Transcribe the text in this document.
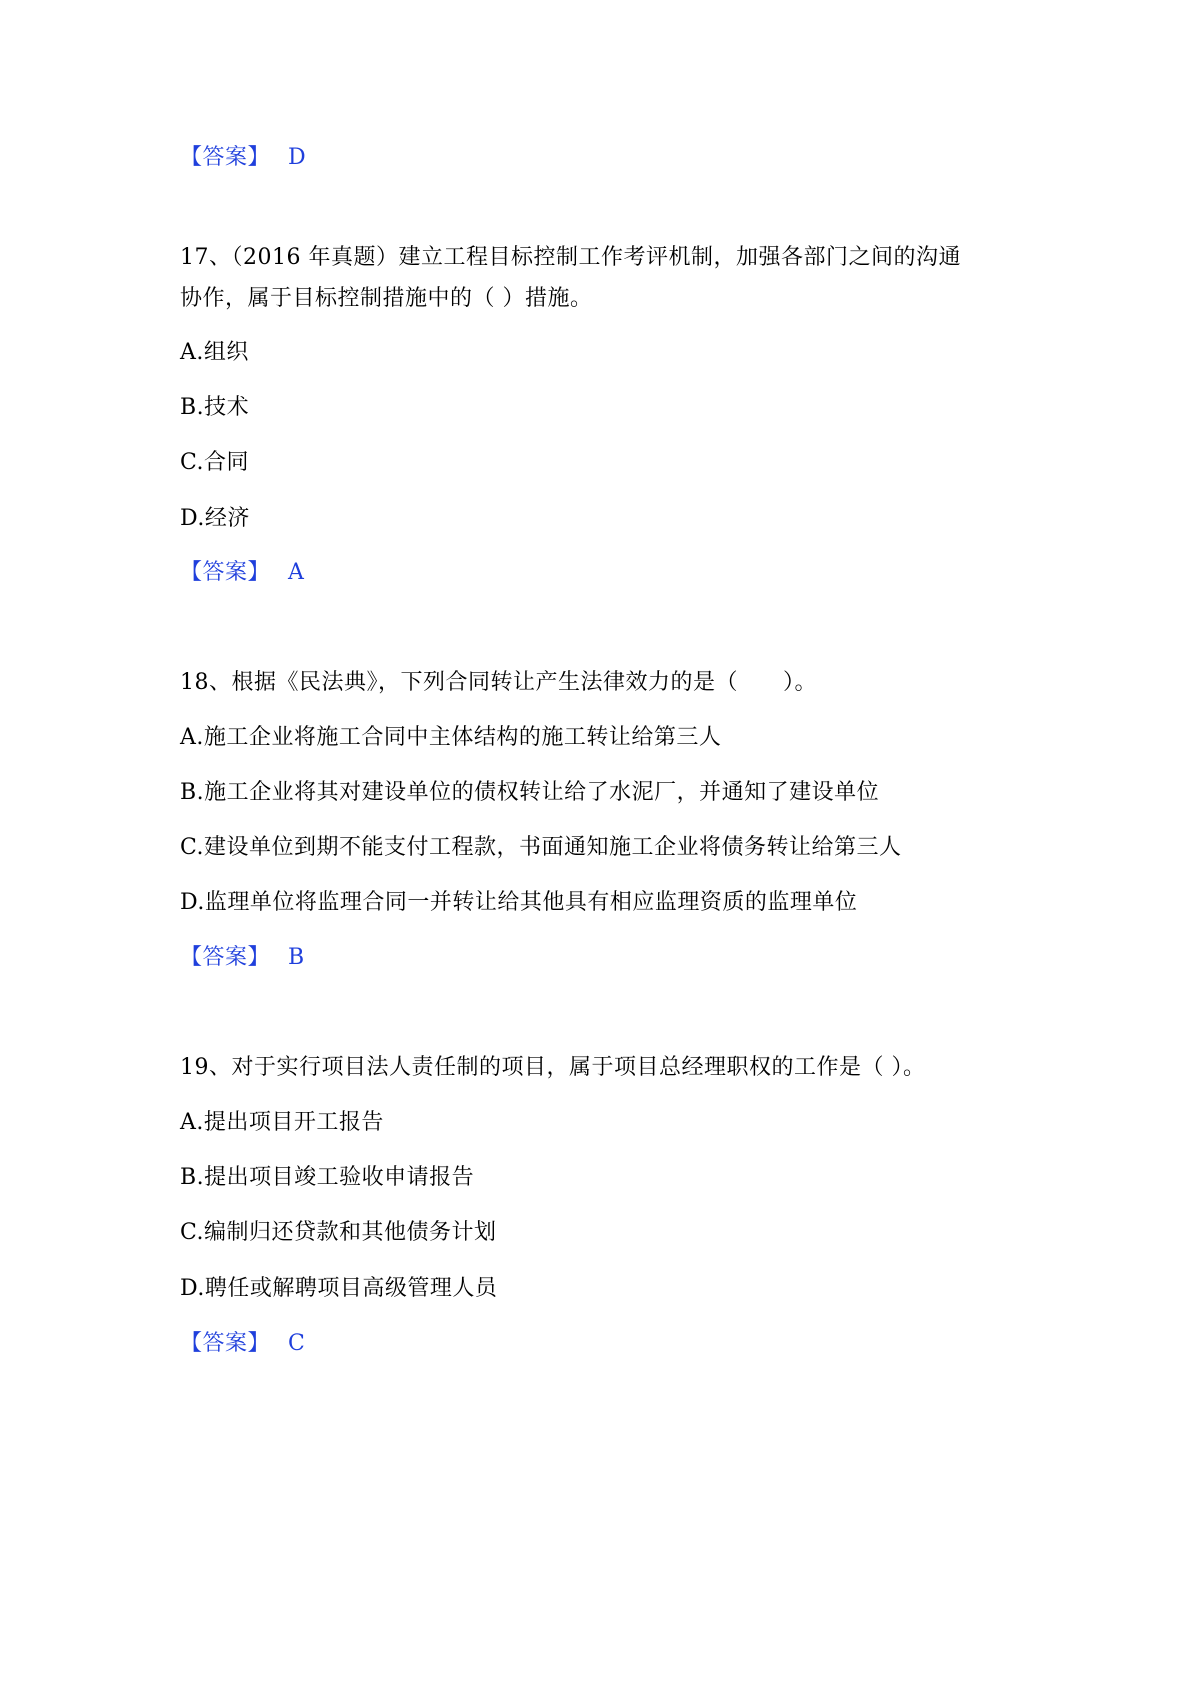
【答案】 D
17、（2016 年真题）建立工程目标控制工作考评机制，加强各部门之间的沟通
协作，属于目标控制措施中的（ ）措施。
A.组织
B.技术
C.合同
D.经济
【答案】 A
18、根据《民法典》，下列合同转让产生法律效力的是（　　）。
A.施工企业将施工合同中主体结构的施工转让给第三人
B.施工企业将其对建设单位的债权转让给了水泥厂，并通知了建设单位
C.建设单位到期不能支付工程款，书面通知施工企业将债务转让给第三人
D.监理单位将监理合同一并转让给其他具有相应监理资质的监理单位
【答案】 B
19、对于实行项目法人责任制的项目，属于项目总经理职权的工作是（ ）。
A.提出项目开工报告
B.提出项目竣工验收申请报告
C.编制归还贷款和其他债务计划
D.聘任或解聘项目高级管理人员
【答案】 C
